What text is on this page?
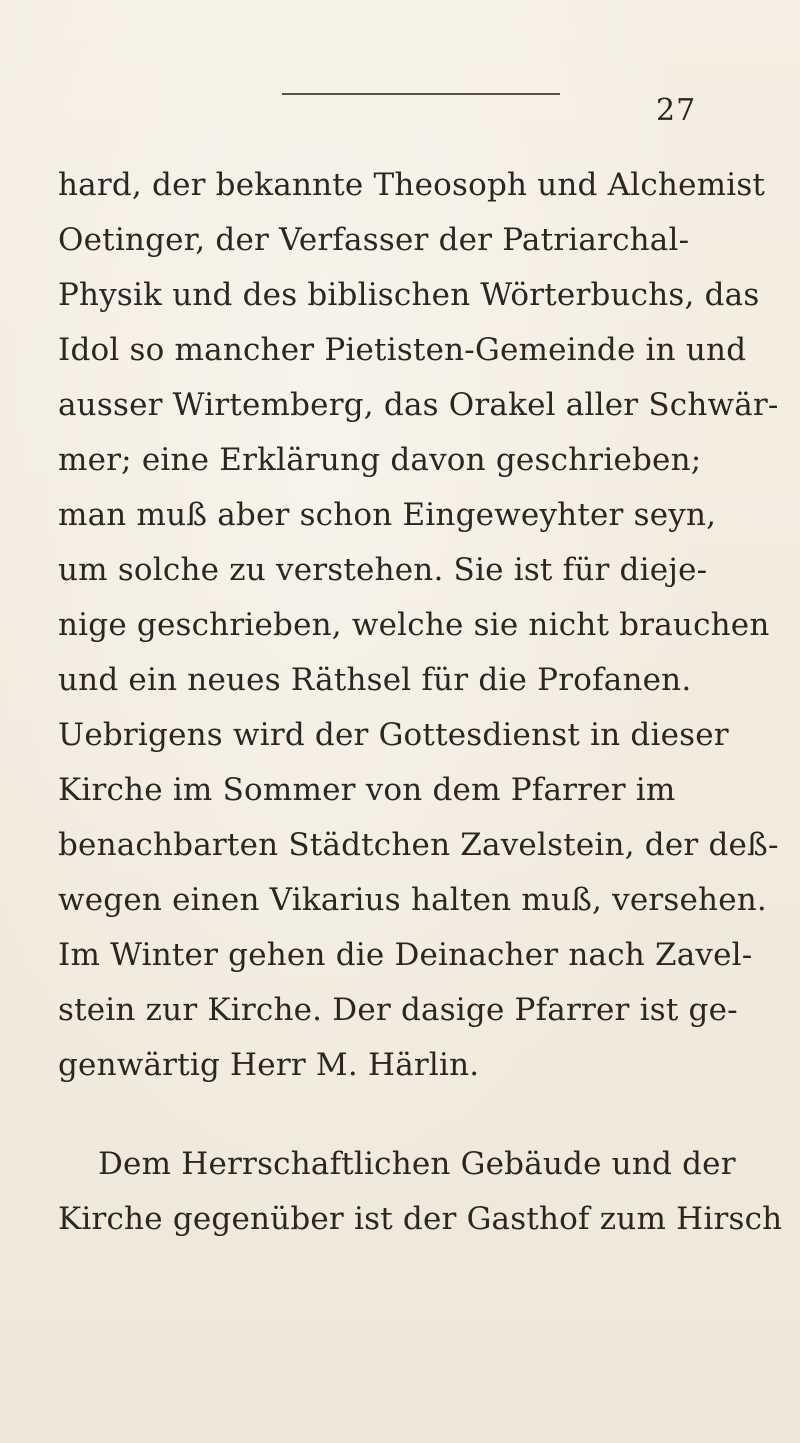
27
hard, der bekannte Theosoph und Alchemist
Oetinger, der Verfasser der Patriarchal-
Physik und des biblischen Wörterbuchs, das
Idol so mancher Pietisten-Gemeinde in und
ausser Wirtemberg, das Orakel aller Schwär-
mer; eine Erklärung davon geschrieben;
man muß aber schon Eingeweyhter seyn,
um solche zu verstehen. Sie ist für dieje-
nige geschrieben, welche sie nicht brauchen
und ein neues Räthsel für die Profanen.
Uebrigens wird der Gottesdienst in dieser
Kirche im Sommer von dem Pfarrer im
benachbarten Städtchen Zavelstein, der deß-
wegen einen Vikarius halten muß, versehen.
Im Winter gehen die Deinacher nach Zavel-
stein zur Kirche. Der dasige Pfarrer ist ge-
genwärtig Herr M. Härlin.
Dem Herrschaftlichen Gebäude und der
Kirche gegenüber ist der Gasthof zum Hirsch
